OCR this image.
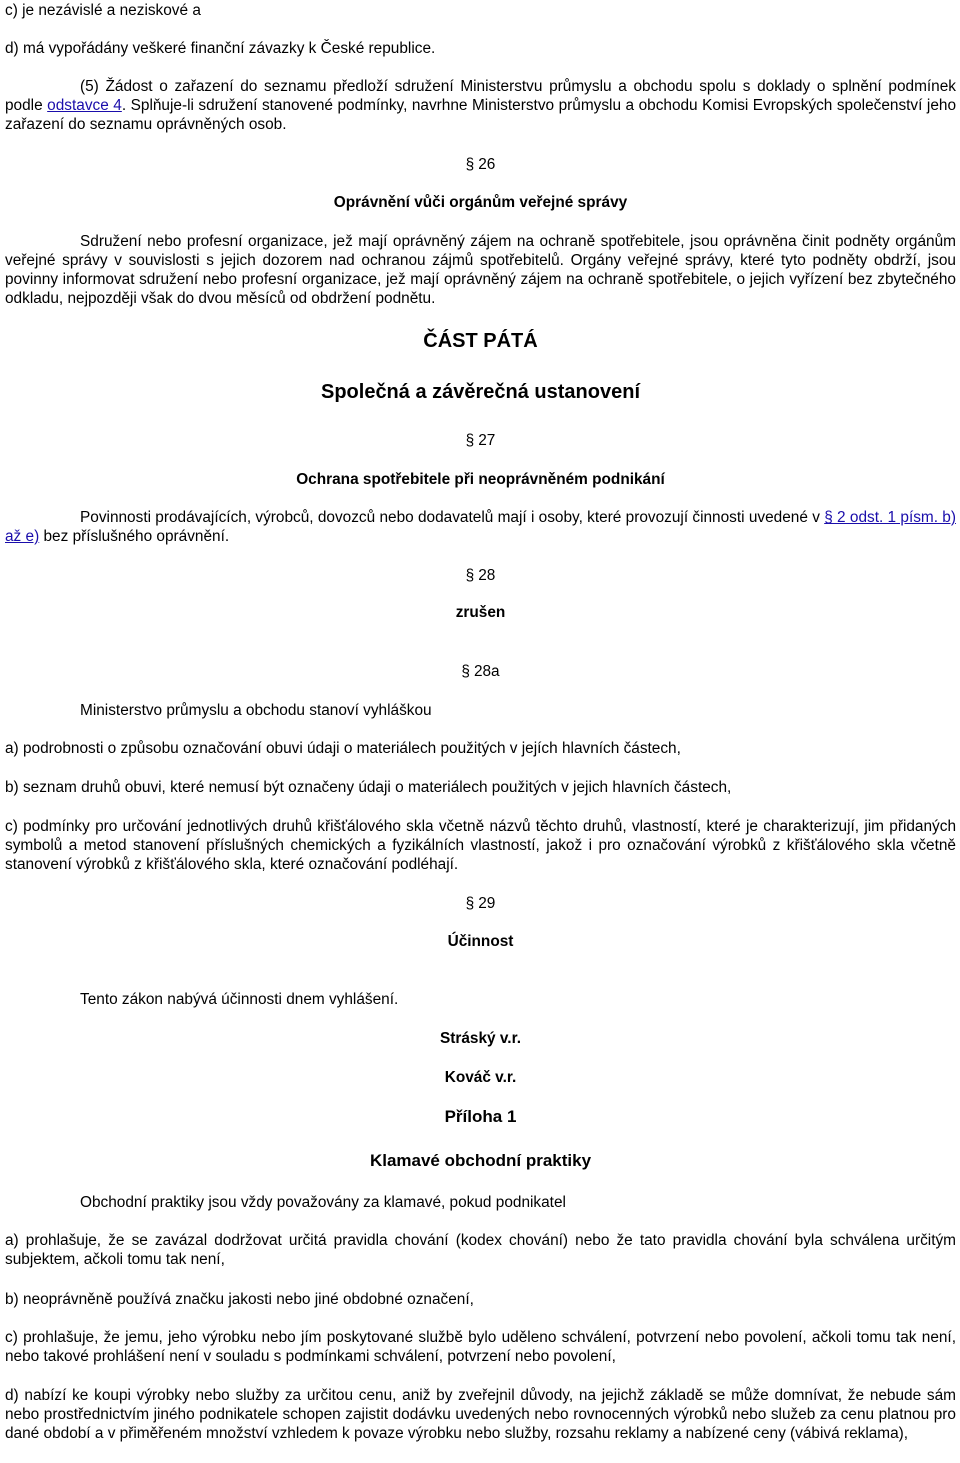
c) je nezávislé a neziskové a

d) má vypořádány veškeré finanční závazky k České republice.

(5) Žádost o zařazení do seznamu předloží sdružení Ministerstvu průmyslu a obchodu spolu s doklady o splnění podmínek podle odstavce 4. Splňuje-li sdružení stanovené podmínky, navrhne Ministerstvo průmyslu a obchodu Komisi Evropských společenství jeho zařazení do seznamu oprávněných osob.

§ 26

Oprávnění vůči orgánům veřejné správy

Sdružení nebo profesní organizace, jež mají oprávněný zájem na ochraně spotřebitele, jsou oprávněna činit podněty orgánům veřejné správy v souvislosti s jejich dozorem nad ochranou zájmů spotřebitelů. Orgány veřejné správy, které tyto podněty obdrží, jsou povinny informovat sdružení nebo profesní organizace, jež mají oprávněný zájem na ochraně spotřebitele, o jejich vyřízení bez zbytečného odkladu, nejpozději však do dvou měsíců od obdržení podnětu.

ČÁST PÁTÁ

Společná a závěrečná ustanovení

§ 27

Ochrana spotřebitele při neoprávněném podnikání

Povinnosti prodávajících, výrobců, dovozců nebo dodavatelů mají i osoby, které provozují činnosti uvedené v § 2 odst. 1 písm. b) až e) bez příslušného oprávnění.

§ 28

zrušen

§ 28a

Ministerstvo průmyslu a obchodu stanoví vyhláškou

a) podrobnosti o způsobu označování obuvi údaji o materiálech použitých v jejích hlavních částech,

b) seznam druhů obuvi, které nemusí být označeny údaji o materiálech použitých v jejich hlavních částech,

c) podmínky pro určování jednotlivých druhů křišťálového skla včetně názvů těchto druhů, vlastností, které je charakterizují, jim přidaných symbolů a metod stanovení příslušných chemických a fyzikálních vlastností, jakož i pro označování výrobků z křišťálového skla včetně stanovení výrobků z křišťálového skla, které označování podléhají.

§ 29

Účinnost

Tento zákon nabývá účinnosti dnem vyhlášení.

Stráský v.r.

Kováč v.r.

Příloha 1

Klamavé obchodní praktiky

Obchodní praktiky jsou vždy považovány za klamavé, pokud podnikatel

a) prohlašuje, že se zavázal dodržovat určitá pravidla chování (kodex chování) nebo že tato pravidla chování byla schválena určitým subjektem, ačkoli tomu tak není,

b) neoprávněně používá značku jakosti nebo jiné obdobné označení,

c) prohlašuje, že jemu, jeho výrobku nebo jím poskytované službě bylo uděleno schválení, potvrzení nebo povolení, ačkoli tomu tak není, nebo takové prohlášení není v souladu s podmínkami schválení, potvrzení nebo povolení,

d) nabízí ke koupi výrobky nebo služby za určitou cenu, aniž by zveřejnil důvody, na jejichž základě se může domnívat, že nebude sám nebo prostřednictvím jiného podnikatele schopen zajistit dodávku uvedených nebo rovnocenných výrobků nebo služeb za cenu platnou pro dané období a v přiměřeném množství vzhledem k povaze výrobku nebo služby, rozsahu reklamy a nabízené ceny (vábivá reklama),
